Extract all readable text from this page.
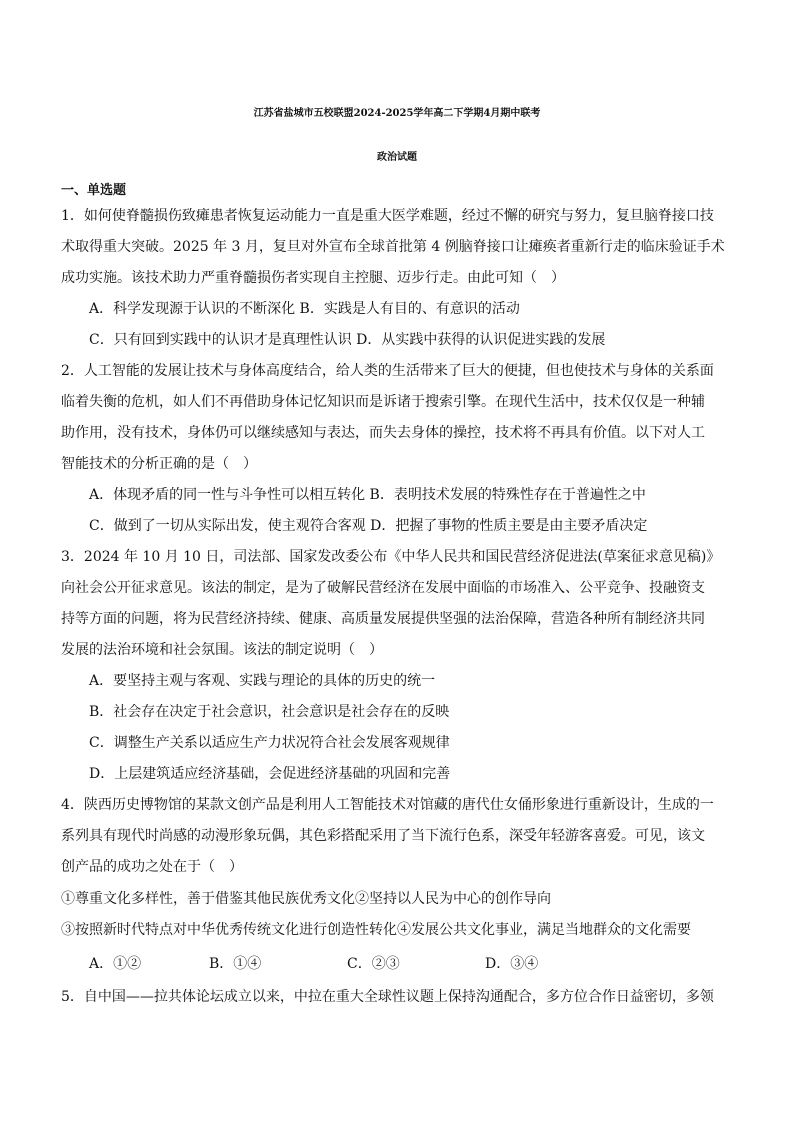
江苏省盐城市五校联盟2024-2025学年高二下学期4月期中联考
政治试题
一、单选题
1．如何使脊髓损伤致瘫患者恢复运动能力一直是重大医学难题，经过不懈的研究与努力，复旦脑脊接口技
术取得重大突破。2025 年 3 月，复旦对外宣布全球首批第 4 例脑脊接口让瘫痪者重新行走的临床验证手术
成功实施。该技术助力严重脊髓损伤者实现自主控腿、迈步行走。由此可知（　）
A．科学发现源于认识的不断深化 B．实践是人有目的、有意识的活动
C．只有回到实践中的认识才是真理性认识 D．从实践中获得的认识促进实践的发展
2．人工智能的发展让技术与身体高度结合，给人类的生活带来了巨大的便捷，但也使技术与身体的关系面
临着失衡的危机，如人们不再借助身体记忆知识而是诉诸于搜索引擎。在现代生活中，技术仅仅是一种辅
助作用，没有技术，身体仍可以继续感知与表达，而失去身体的操控，技术将不再具有价值。以下对人工
智能技术的分析正确的是（　）
A．体现矛盾的同一性与斗争性可以相互转化 B．表明技术发展的特殊性存在于普遍性之中
C．做到了一切从实际出发，使主观符合客观 D．把握了事物的性质主要是由主要矛盾决定
3．2024 年 10 月 10 日，司法部、国家发改委公布《中华人民共和国民营经济促进法(草案征求意见稿)》
向社会公开征求意见。该法的制定，是为了破解民营经济在发展中面临的市场准入、公平竞争、投融资支
持等方面的问题，将为民营经济持续、健康、高质量发展提供坚强的法治保障，营造各种所有制经济共同
发展的法治环境和社会氛围。该法的制定说明（　）
A．要坚持主观与客观、实践与理论的具体的历史的统一
B．社会存在决定于社会意识，社会意识是社会存在的反映
C．调整生产关系以适应生产力状况符合社会发展客观规律
D．上层建筑适应经济基础，会促进经济基础的巩固和完善
4．陕西历史博物馆的某款文创产品是利用人工智能技术对馆藏的唐代仕女俑形象进行重新设计，生成的一
系列具有现代时尚感的动漫形象玩偶，其色彩搭配采用了当下流行色系，深受年轻游客喜爱。可见，该文
创产品的成功之处在于（　）
①尊重文化多样性，善于借鉴其他民族优秀文化②坚持以人民为中心的创作导向
③按照新时代特点对中华优秀传统文化进行创造性转化④发展公共文化事业，满足当地群众的文化需要
A．①②	B．①④	C．②③	D．③④
5．自中国——拉共体论坛成立以来，中拉在重大全球性议题上保持沟通配合，多方位合作日益密切，多领
